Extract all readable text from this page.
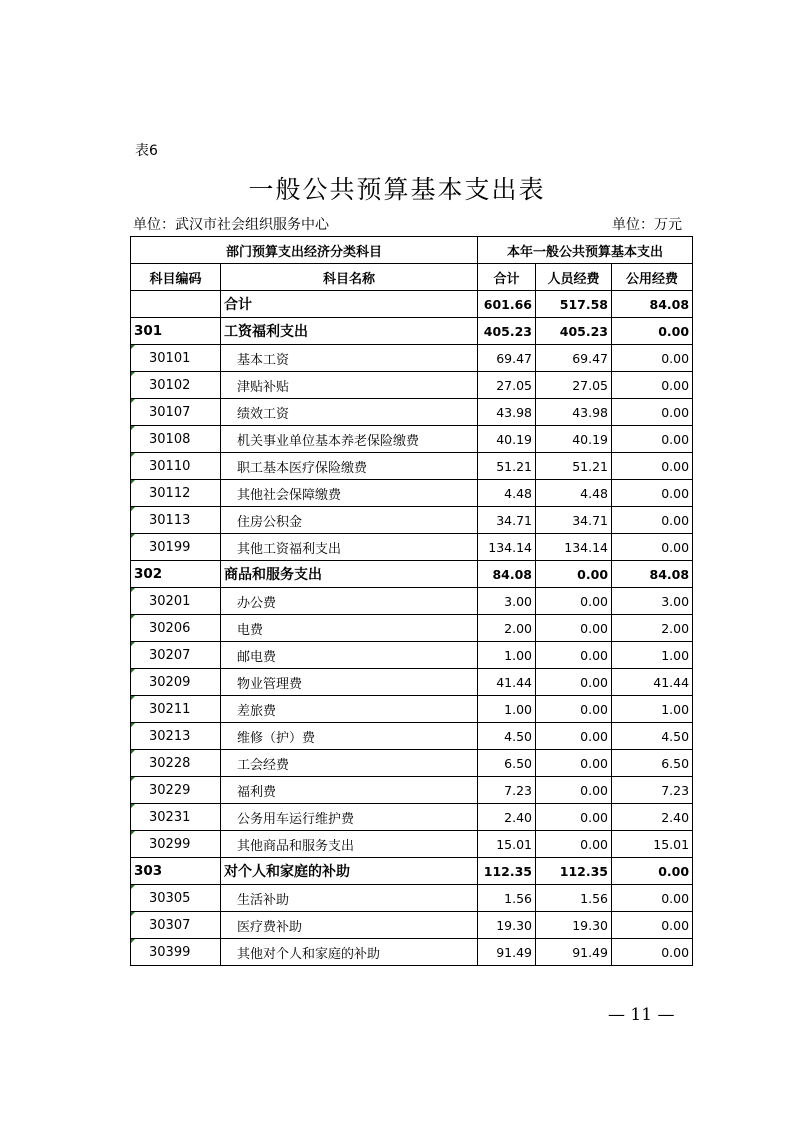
表6
一般公共预算基本支出表
单位：武汉市社会组织服务中心	单位：万元
部门预算支出经济分类科目		本年一般公共预算基本支出		
科目编码	科目名称	合计	人员经费	公用经费
	合计	601.66	517.58	84.08
301	工资福利支出	405.23	405.23	0.00
30101	基本工资	69.47	69.47	0.00
30102	津贴补贴	27.05	27.05	0.00
30107	绩效工资	43.98	43.98	0.00
30108	机关事业单位基本养老保险缴费	40.19	40.19	0.00
30110	职工基本医疗保险缴费	51.21	51.21	0.00
30112	其他社会保障缴费	4.48	4.48	0.00
30113	住房公积金	34.71	34.71	0.00
30199	其他工资福利支出	134.14	134.14	0.00
302	商品和服务支出	84.08	0.00	84.08
30201	办公费	3.00	0.00	3.00
30206	电费	2.00	0.00	2.00
30207	邮电费	1.00	0.00	1.00
30209	物业管理费	41.44	0.00	41.44
30211	差旅费	1.00	0.00	1.00
30213	维修（护）费	4.50	0.00	4.50
30228	工会经费	6.50	0.00	6.50
30229	福利费	7.23	0.00	7.23
30231	公务用车运行维护费	2.40	0.00	2.40
30299	其他商品和服务支出	15.01	0.00	15.01
303	对个人和家庭的补助	112.35	112.35	0.00
30305	生活补助	1.56	1.56	0.00
30307	医疗费补助	19.30	19.30	0.00
30399	其他对个人和家庭的补助	91.49	91.49	0.00
— 11 —
